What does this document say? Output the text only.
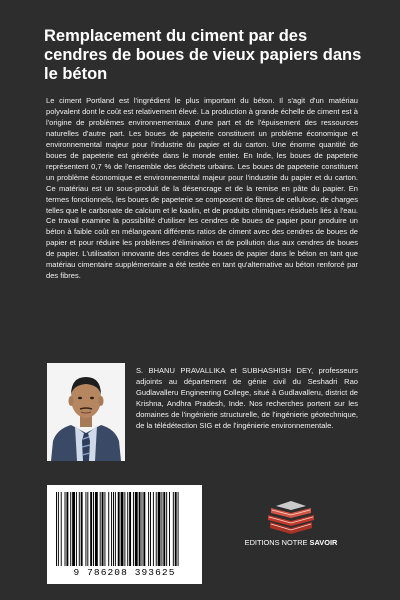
Remplacement du ciment par des cendres de boues de vieux papiers dans le béton

Le ciment Portland est l'ingrédient le plus important du béton. Il s'agit d'un matériau polyvalent dont le coût est relativement élevé. La production à grande échelle de ciment est à l'origine de problèmes environnementaux d'une part et de l'épuisement des ressources naturelles d'autre part. Les boues de papeterie constituent un problème économique et environnemental majeur pour l'industrie du papier et du carton. Une énorme quantité de boues de papeterie est générée dans le monde entier. En Inde, les boues de papeterie représentent 0,7 % de l'ensemble des déchets urbains. Les boues de papeterie constituent un problème économique et environnemental majeur pour l'industrie du papier et du carton. Ce matériau est un sous-produit de la désencrage et de la remise en pâte du papier. En termes fonctionnels, les boues de papeterie se composent de fibres de cellulose, de charges telles que le carbonate de calcium et le kaolin, et de produits chimiques résiduels liés à l'eau. Ce travail examine la possibilité d'utiliser les cendres de boues de papier pour produire un béton à faible coût en mélangeant différents ratios de ciment avec des cendres de boues de papier et pour réduire les problèmes d'élimination et de pollution dus aux cendres de boues de papier. L'utilisation innovante des cendres de boues de papier dans le béton en tant que matériau cimentaire supplémentaire a été testée en tant qu'alternative au béton renforcé par des fibres.

S. BHANU PRAVALLIKA et SUBHASHISH DEY, professeurs adjoints au département de génie civil du Seshadri Rao Gudlavalleru Engineering College, situé à Gudlavalleru, district de Krishna, Andhra Pradesh, Inde. Nos recherches portent sur les domaines de l'ingénierie structurelle, de l'ingénierie géotechnique, de la télédétection SIG et de l'ingénierie environnementale.

9 786208 393625
EDITIONS NOTRE SAVOIR
